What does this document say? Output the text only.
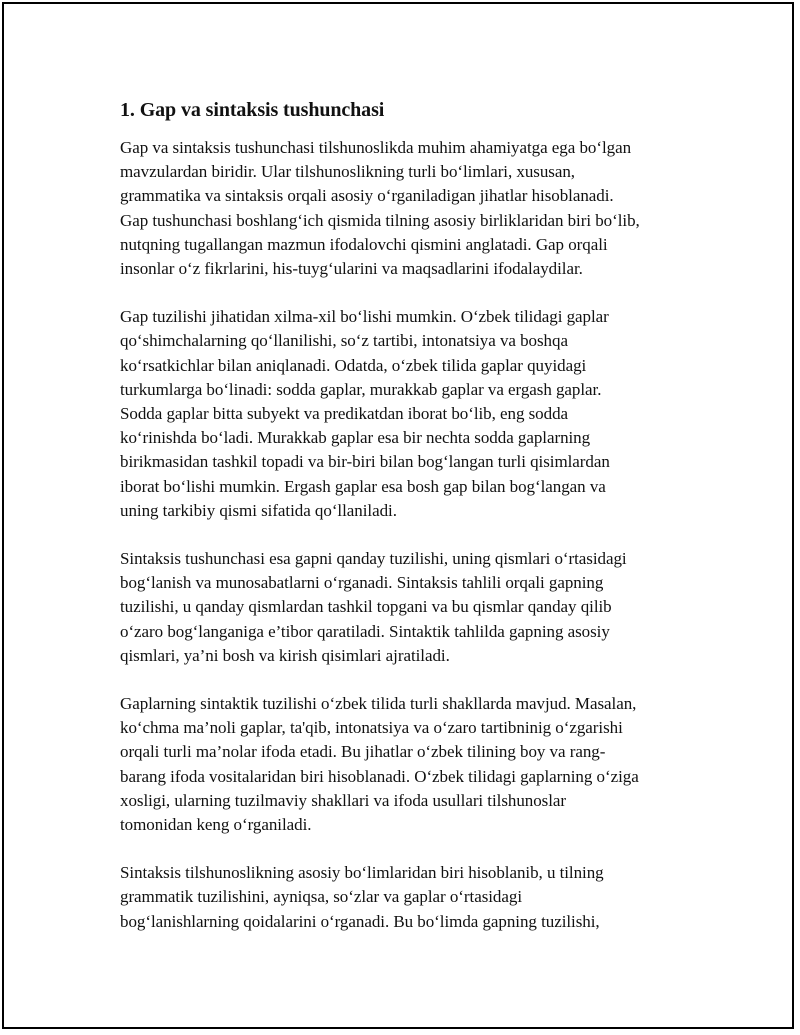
1. Gap va sintaksis tushunchasi

Gap va sintaksis tushunchasi tilshunoslikda muhim ahamiyatga ega bo‘lgan
mavzulardan biridir. Ular tilshunoslikning turli bo‘limlari, xususan,
grammatika va sintaksis orqali asosiy o‘rganiladigan jihatlar hisoblanadi.
Gap tushunchasi boshlang‘ich qismida tilning asosiy birliklaridan biri bo‘lib,
nutqning tugallangan mazmun ifodalovchi qismini anglatadi. Gap orqali
insonlar o‘z fikrlarini, his-tuyg‘ularini va maqsadlarini ifodalaydilar.

Gap tuzilishi jihatidan xilma-xil bo‘lishi mumkin. O‘zbek tilidagi gaplar
qo‘shimchalarning qo‘llanilishi, so‘z tartibi, intonatsiya va boshqa
ko‘rsatkichlar bilan aniqlanadi. Odatda, o‘zbek tilida gaplar quyidagi
turkumlarga bo‘linadi: sodda gaplar, murakkab gaplar va ergash gaplar.
Sodda gaplar bitta subyekt va predikatdan iborat bo‘lib, eng sodda
ko‘rinishda bo‘ladi. Murakkab gaplar esa bir nechta sodda gaplarning
birikmasidan tashkil topadi va bir-biri bilan bog‘langan turli qisimlardan
iborat bo‘lishi mumkin. Ergash gaplar esa bosh gap bilan bog‘langan va
uning tarkibiy qismi sifatida qo‘llaniladi.

Sintaksis tushunchasi esa gapni qanday tuzilishi, uning qismlari o‘rtasidagi
bog‘lanish va munosabatlarni o‘rganadi. Sintaksis tahlili orqali gapning
tuzilishi, u qanday qismlardan tashkil topgani va bu qismlar qanday qilib
o‘zaro bog‘langaniga e’tibor qaratiladi. Sintaktik tahlilda gapning asosiy
qismlari, ya’ni bosh va kirish qisimlari ajratiladi.

Gaplarning sintaktik tuzilishi o‘zbek tilida turli shakllarda mavjud. Masalan,
ko‘chma ma’noli gaplar, ta'qib, intonatsiya va o‘zaro tartibninig o‘zgarishi
orqali turli ma’nolar ifoda etadi. Bu jihatlar o‘zbek tilining boy va rang-
barang ifoda vositalaridan biri hisoblanadi. O‘zbek tilidagi gaplarning o‘ziga
xosligi, ularning tuzilmaviy shakllari va ifoda usullari tilshunoslar
tomonidan keng o‘rganiladi.

Sintaksis tilshunoslikning asosiy bo‘limlaridan biri hisoblanib, u tilning
grammatik tuzilishini, ayniqsa, so‘zlar va gaplar o‘rtasidagi
bog‘lanishlarning qoidalarini o‘rganadi. Bu bo‘limda gapning tuzilishi,
